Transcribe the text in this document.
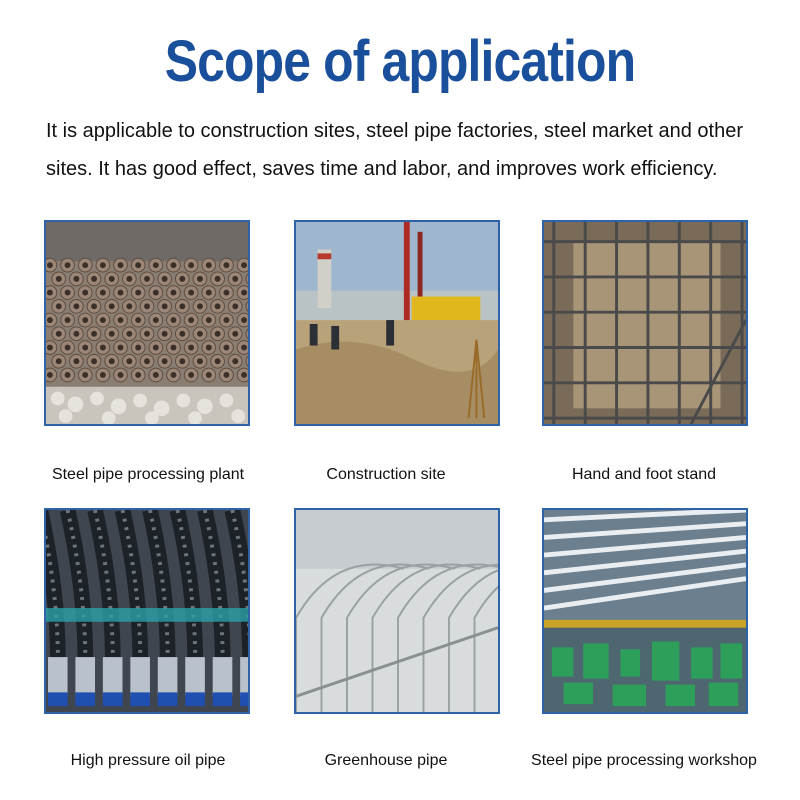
Scope of application

It is applicable to construction sites, steel pipe factories, steel market and other sites. It has good effect, saves time and labor, and improves work efficiency.

Steel pipe processing plant	Construction site	Hand and foot stand
High pressure oil pipe	Greenhouse pipe	Steel pipe processing workshop
